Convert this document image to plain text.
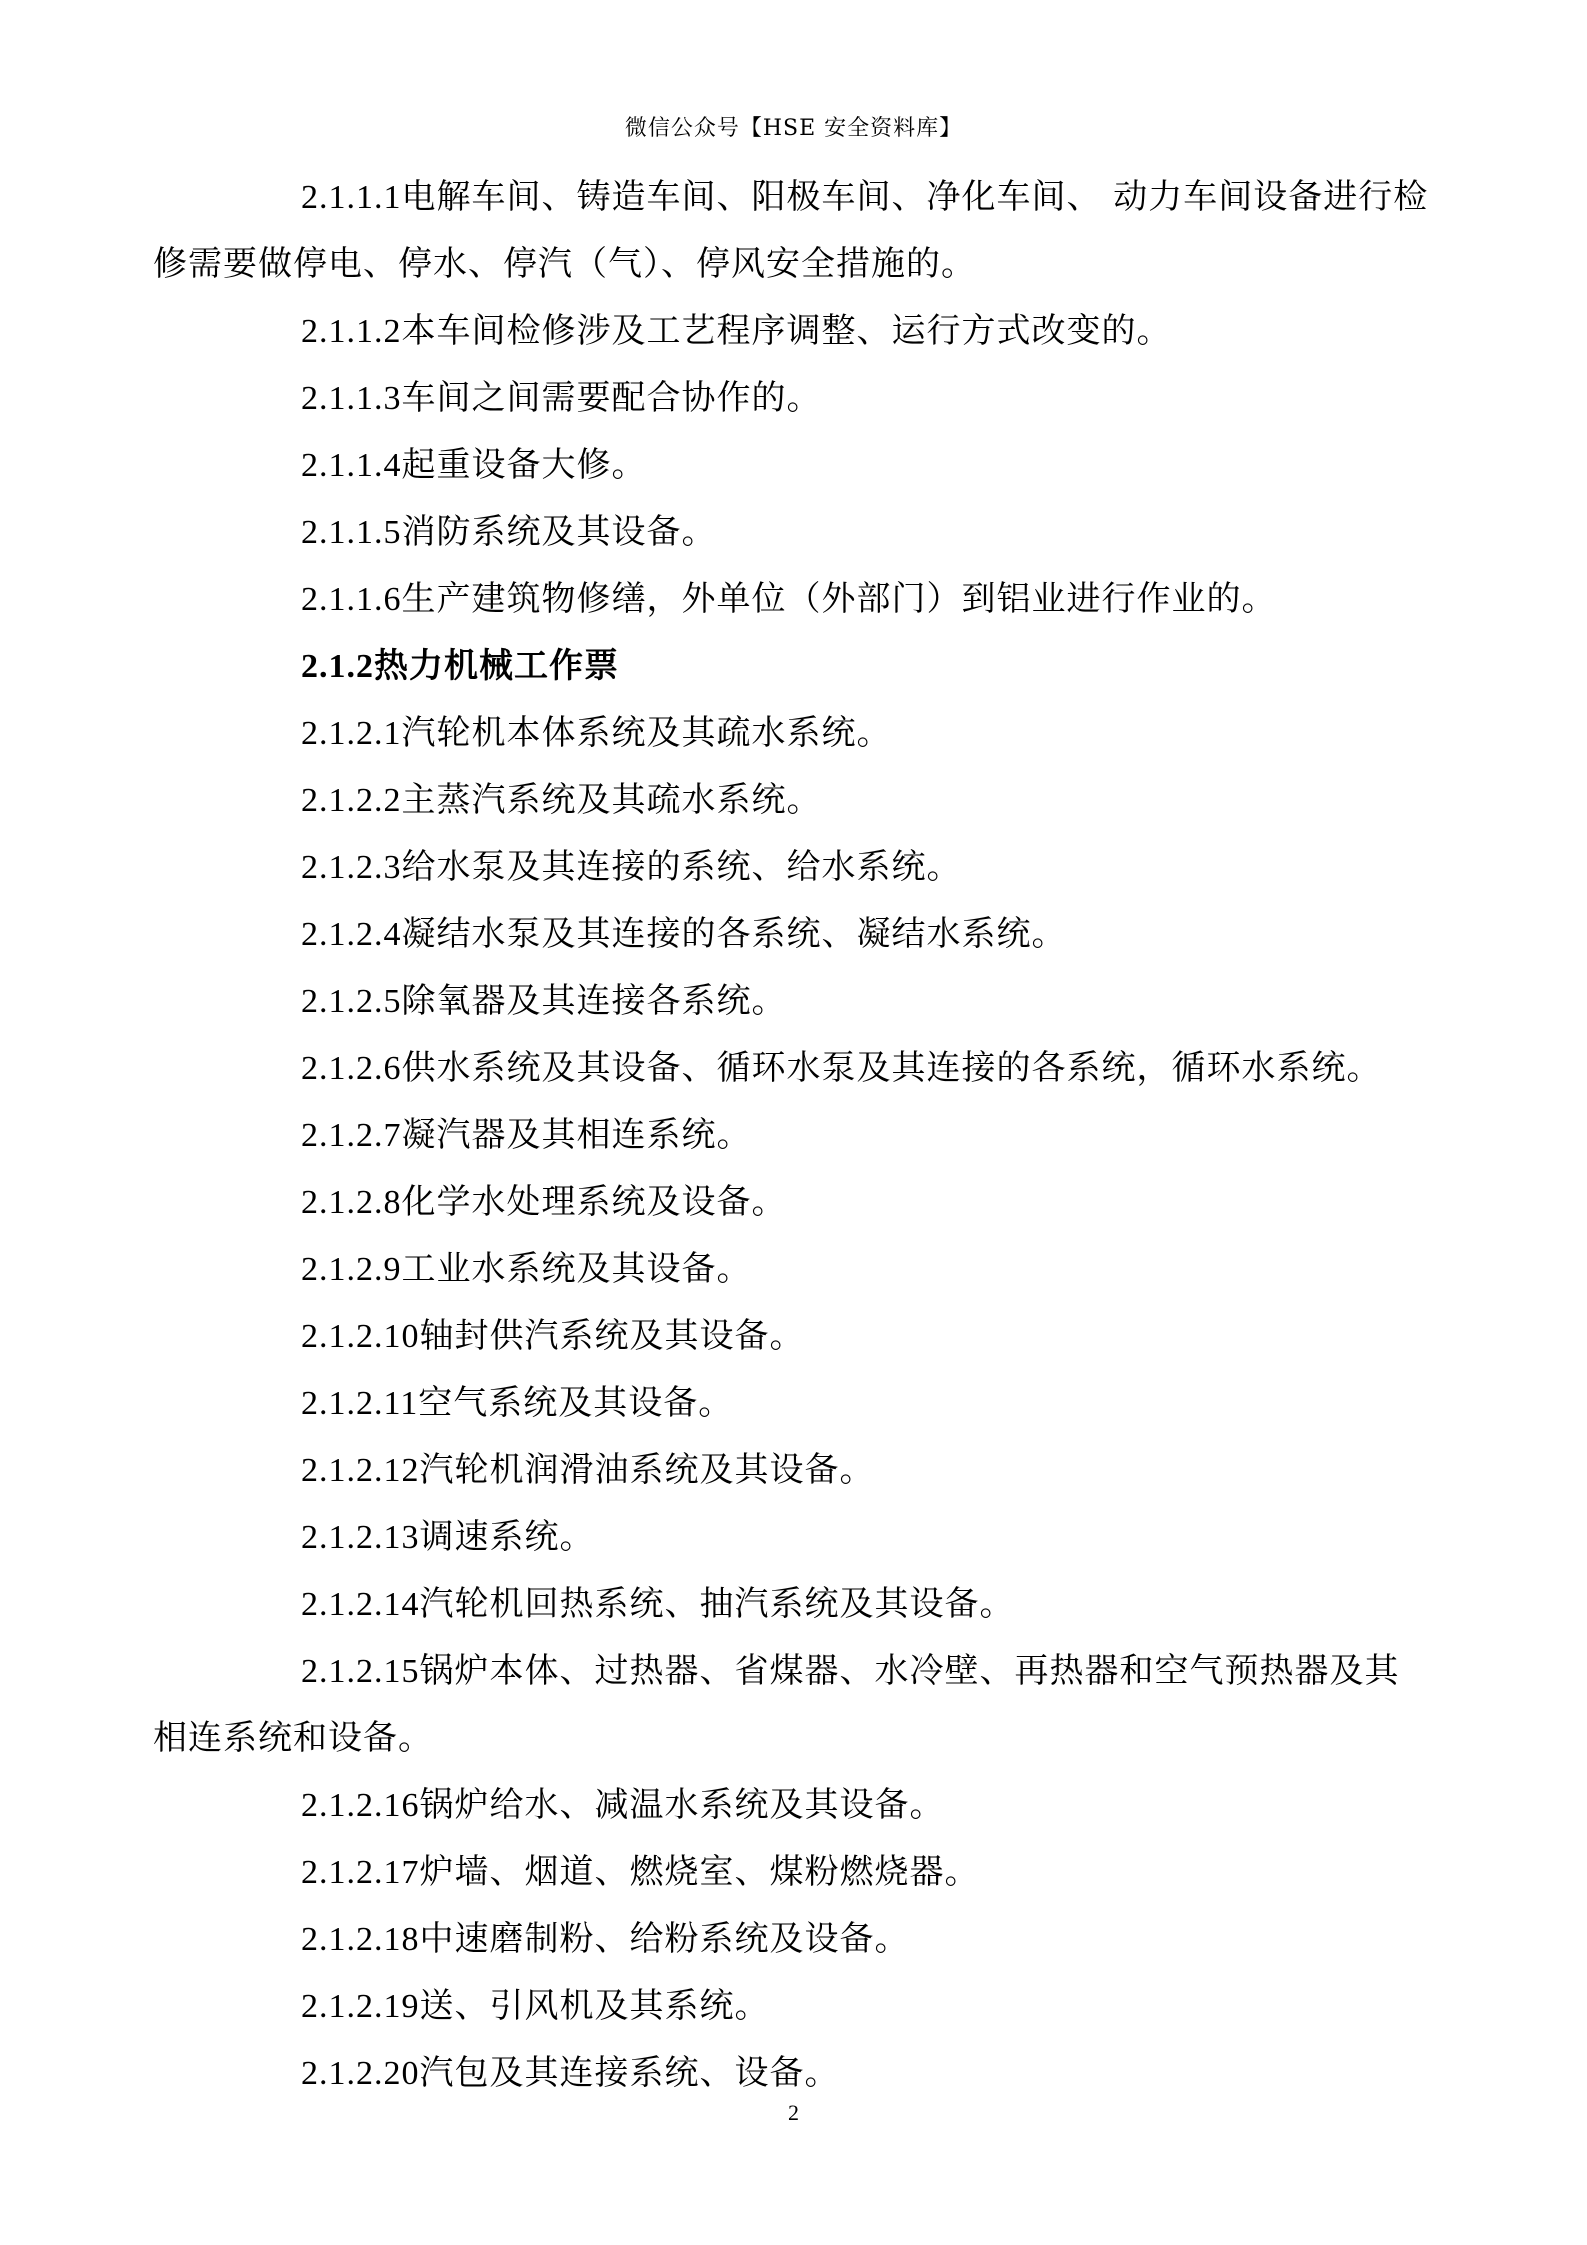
微信公众号【HSE 安全资料库】
2.1.1.1电解车间、铸造车间、阳极车间、净化车间、 动力车间设备进行检
修需要做停电、停水、停汽（气）、停风安全措施的。
2.1.1.2本车间检修涉及工艺程序调整、运行方式改变的。
2.1.1.3车间之间需要配合协作的。
2.1.1.4起重设备大修。
2.1.1.5消防系统及其设备。
2.1.1.6生产建筑物修缮，外单位（外部门）到铝业进行作业的。
2.1.2热力机械工作票
2.1.2.1汽轮机本体系统及其疏水系统。
2.1.2.2主蒸汽系统及其疏水系统。
2.1.2.3给水泵及其连接的系统、给水系统。
2.1.2.4凝结水泵及其连接的各系统、凝结水系统。
2.1.2.5除氧器及其连接各系统。
2.1.2.6供水系统及其设备、循环水泵及其连接的各系统，循环水系统。
2.1.2.7凝汽器及其相连系统。
2.1.2.8化学水处理系统及设备。
2.1.2.9工业水系统及其设备。
2.1.2.10轴封供汽系统及其设备。
2.1.2.11空气系统及其设备。
2.1.2.12汽轮机润滑油系统及其设备。
2.1.2.13调速系统。
2.1.2.14汽轮机回热系统、抽汽系统及其设备。
2.1.2.15锅炉本体、过热器、省煤器、水冷壁、再热器和空气预热器及其
相连系统和设备。
2.1.2.16锅炉给水、减温水系统及其设备。
2.1.2.17炉墙、烟道、燃烧室、煤粉燃烧器。
2.1.2.18中速磨制粉、给粉系统及设备。
2.1.2.19送、引风机及其系统。
2.1.2.20汽包及其连接系统、设备。
2
